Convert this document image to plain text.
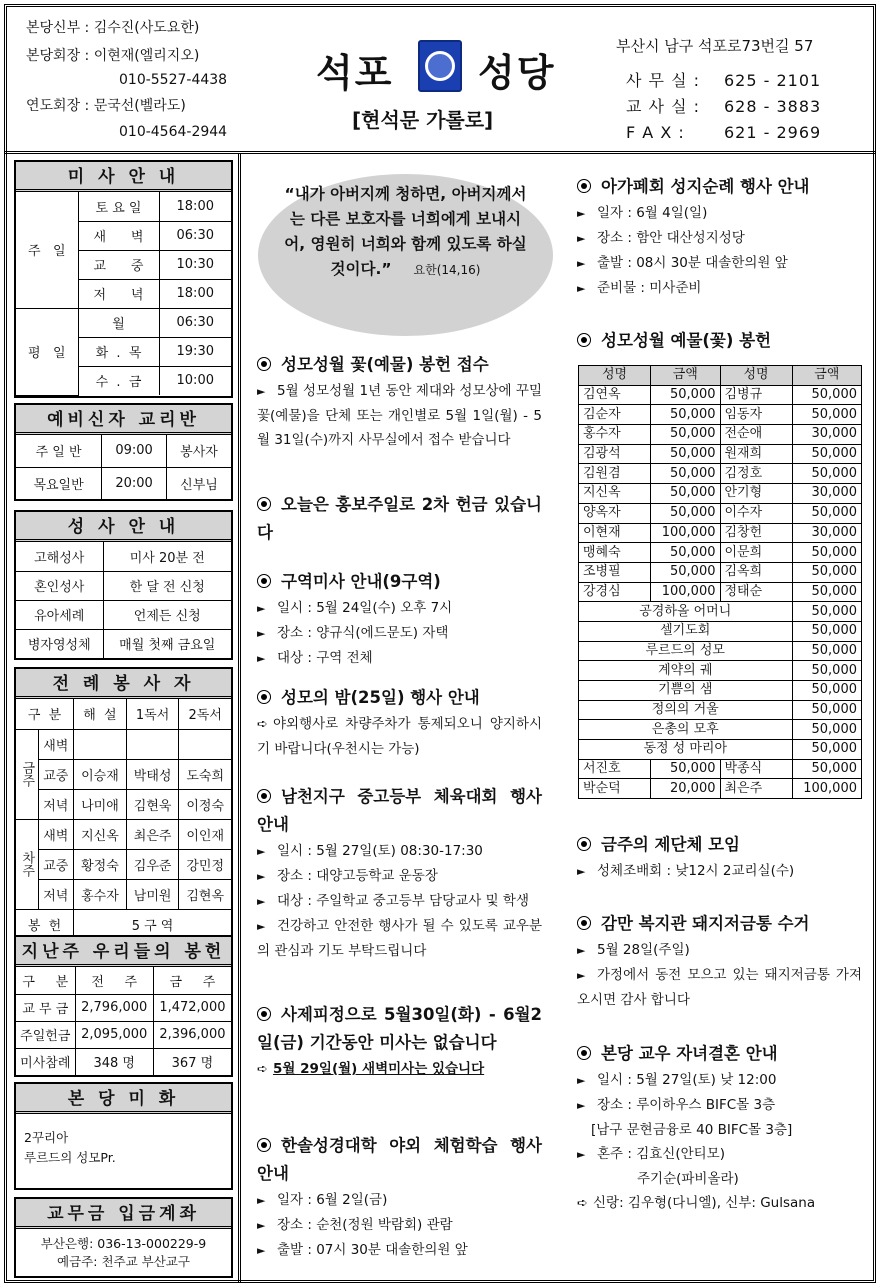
본당신부 : 김수진(사도요한)
본당회장 : 이현재(엘리지오)
010-5527-4438
연도회장 : 문국선(벨라도)
010-4564-2944
석포 성당
[현석문 가롤로]
부산시 남구 석포로73번길 57
사 무 실 : 625 - 2101
교 사 실 : 628 - 3883
F A X : 621 - 2969
미 사 안 내
주   일	토 요 일	18:00
	새      벽	06:30
	교      중	10:30
	저      녁	18:00
평   일	월	06:30
	화  .  목	19:30
	수  .  금	10:00
예비신자 교리반
주 일 반	09:00	봉사자
목요일반	20:00	신부님
성 사 안 내
고해성사	미사 20분 전
혼인성사	한 달 전 신청
유아세례	언제든 신청
병자영성체	매월 첫째 금요일
전 례 봉 사 자
구  분		해  설	1독서	2독서
금주	새벽			
	교중	이승재	박태성	도숙희
	저녁	나미애	김현욱	이정숙
차주	새벽	지신옥	최은주	이인재
	교중	황정숙	김우준	강민정
	저녁	홍수자	남미원	김현옥
봉  헌		5 구 역		
지난주 우리들의 봉헌
구     분	전     주	금     주
교 무 금	2,796,000	1,472,000
주일헌금	2,095,000	2,396,000
미사참례	348 명	367 명
본 당 미 화
2꾸리아
루르드의 성모Pr.
교무금 입금계좌
부산은행: 036-13-000229-9
예금주: 천주교 부산교구
“내가 아버지께 청하면, 아버지께서는 다른 보호자를 너희에게 보내시어, 영원히 너희와 함께 있도록 하실 것이다.” 요한(14,16)
성모성월 꽃(예물) 봉헌 접수
► 5월 성모성월 1년 동안 제대와 성모상에 꾸밀 꽃(예물)을 단체 또는 개인별로 5월 1일(월) - 5월 31일(수)까지 사무실에서 접수 받습니다
오늘은 홍보주일로 2차 헌금 있습니다
구역미사 안내(9구역)
► 일시 : 5월 24일(수) 오후 7시
► 장소 : 양규식(에드문도) 자택
► 대상 : 구역 전체
성모의 밤(25일) 행사 안내
➪ 야외행사로 차량주차가 통제되오니 양지하시기 바랍니다(우천시는 가능)
남천지구 중고등부 체육대회 행사 안내
► 일시 : 5월 27일(토) 08:30-17:30
► 장소 : 대양고등학교 운동장
► 대상 : 주일학교 중고등부 담당교사 및 학생
► 건강하고 안전한 행사가 될 수 있도록 교우분의 관심과 기도 부탁드립니다
사제피정으로 5월30일(화) - 6월2일(금) 기간동안 미사는 없습니다
➪ 5월 29일(월) 새벽미사는 있습니다
한솔성경대학 야외 체험학습 행사 안내
► 일자 : 6월 2일(금)
► 장소 : 순천(정원 박람회) 관람
► 출발 : 07시 30분 대솔한의원 앞
아가페회 성지순례 행사 안내
► 일자 : 6월 4일(일)
► 장소 : 함안 대산성지성당
► 출발 : 08시 30분 대솔한의원 앞
► 준비물 : 미사준비
성모성월 예물(꽃) 봉헌
금주의 제단체 모임
► 성체조배회 : 낮12시 2교리실(수)
감만 복지관 돼지저금통 수거
► 5월 28일(주일)
► 가정에서 동전 모으고 있는 돼지저금통 가져오시면 감사 합니다
본당 교우 자녀결혼 안내
► 일시 : 5월 27일(토) 낮 12:00
► 장소 : 루이하우스 BIFC몰 3층
[남구 문현금융로 40 BIFC몰 3층]
► 혼주 : 김효신(안티모)
주기순(파비올라)
➪ 신랑: 김우형(다니엘), 신부: Gulsana
성명	금액	성명	금액
김연옥	50,000	김병규	50,000
김순자	50,000	임동자	50,000
홍수자	50,000	전순애	30,000
김광석	50,000	원재희	50,000
김원겸	50,000	김정호	50,000
지신옥	50,000	안기형	30,000
양옥자	50,000	이수자	50,000
이현재	100,000	김창헌	30,000
맹혜숙	50,000	이문희	50,000
조병필	50,000	김옥희	50,000
강경심	100,000	정태순	50,000
공경하올 어머니			50,000
셀기도회			50,000
루르드의 성모			50,000
계약의 궤			50,000
기쁨의 샘			50,000
정의의 거울			50,000
은총의 모후			50,000
동정 성 마리아			50,000
서진호	50,000	박종식	50,000
박순덕	20,000	최은주	100,000
